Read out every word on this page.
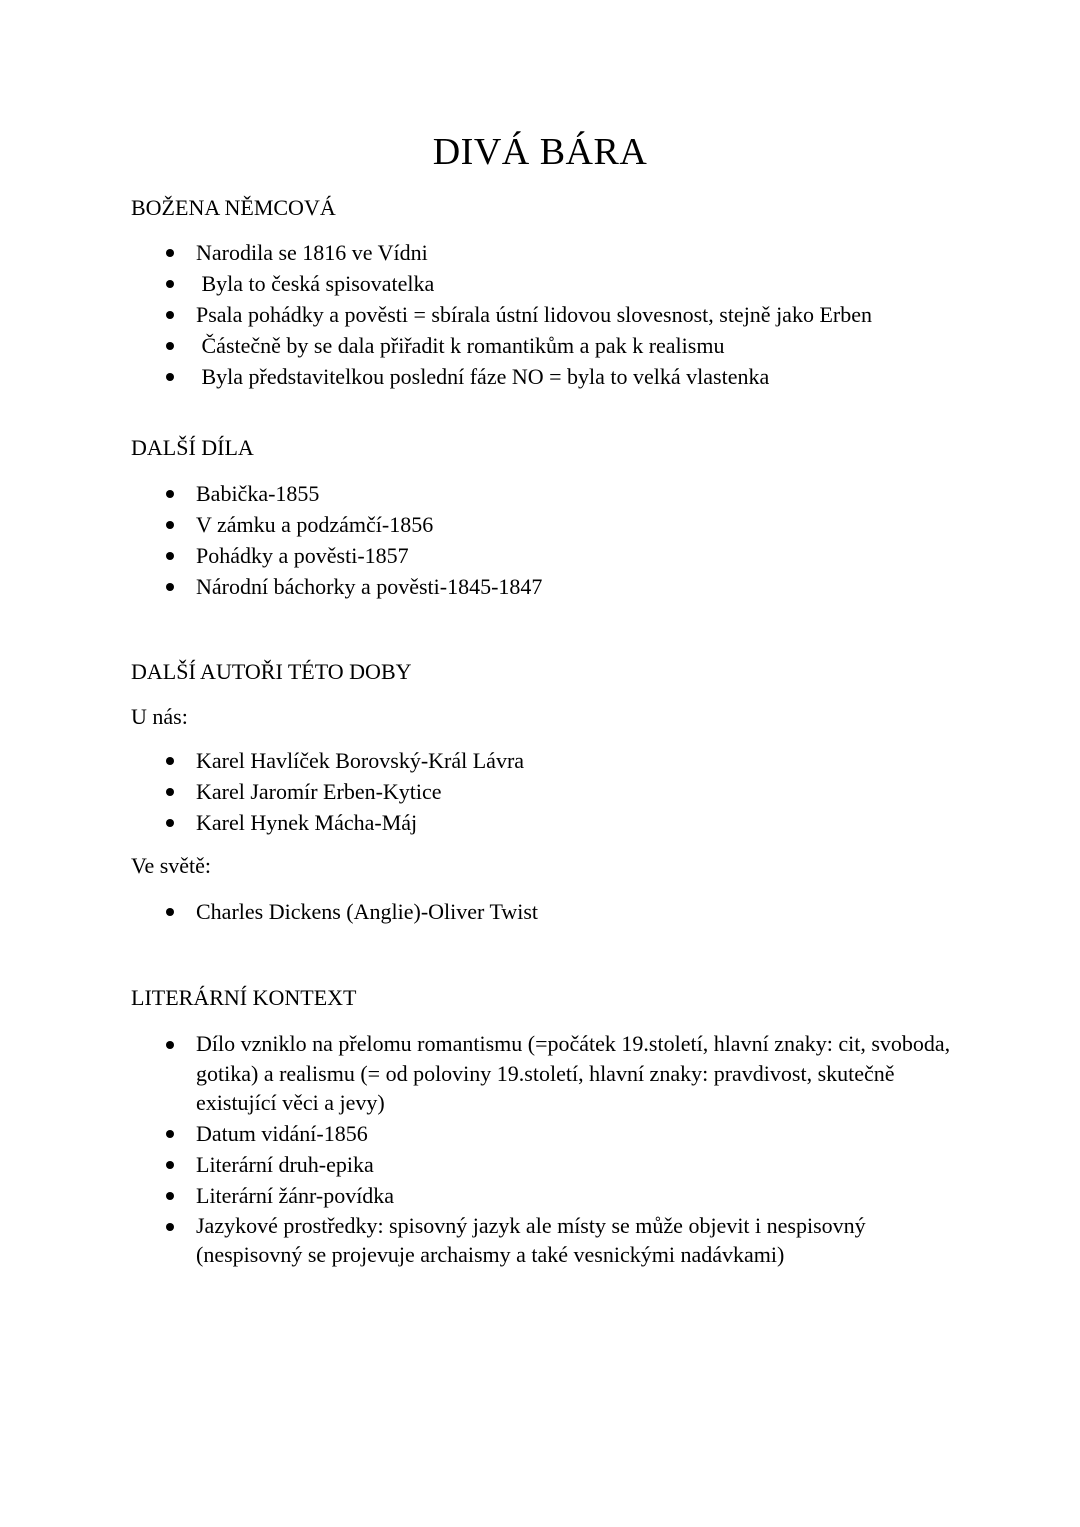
DIVÁ BÁRA
BOŽENA NĚMCOVÁ
Narodila se 1816 ve Vídni
Byla to česká spisovatelka
Psala pohádky a pověsti = sbírala ústní lidovou slovesnost, stejně jako Erben
Částečně by se dala přiřadit k romantikům a pak k realismu
Byla představitelkou poslední fáze NO = byla to velká vlastenka
DALŠÍ DÍLA
Babička-1855
V zámku a podzámčí-1856
Pohádky a pověsti-1857
Národní báchorky a pověsti-1845-1847
DALŠÍ AUTOŘI TÉTO DOBY

U nás:

Karel Havlíček Borovský-Král Lávra
Karel Jaromír Erben-Kytice
Karel Hynek Mácha-Máj

Ve světě:

Charles Dickens (Anglie)-Oliver Twist
LITERÁRNÍ KONTEXT
Dílo vzniklo na přelomu romantismu (=počátek 19.století, hlavní znaky: cit, svoboda, gotika) a realismu (= od poloviny 19.století, hlavní znaky: pravdivost, skutečně existující věci a jevy)
Datum vidání-1856
Literární druh-epika
Literární žánr-povídka
Jazykové prostředky: spisovný jazyk ale místy se může objevit i nespisovný (nespisovný se projevuje archaismy a také vesnickými nadávkami)
